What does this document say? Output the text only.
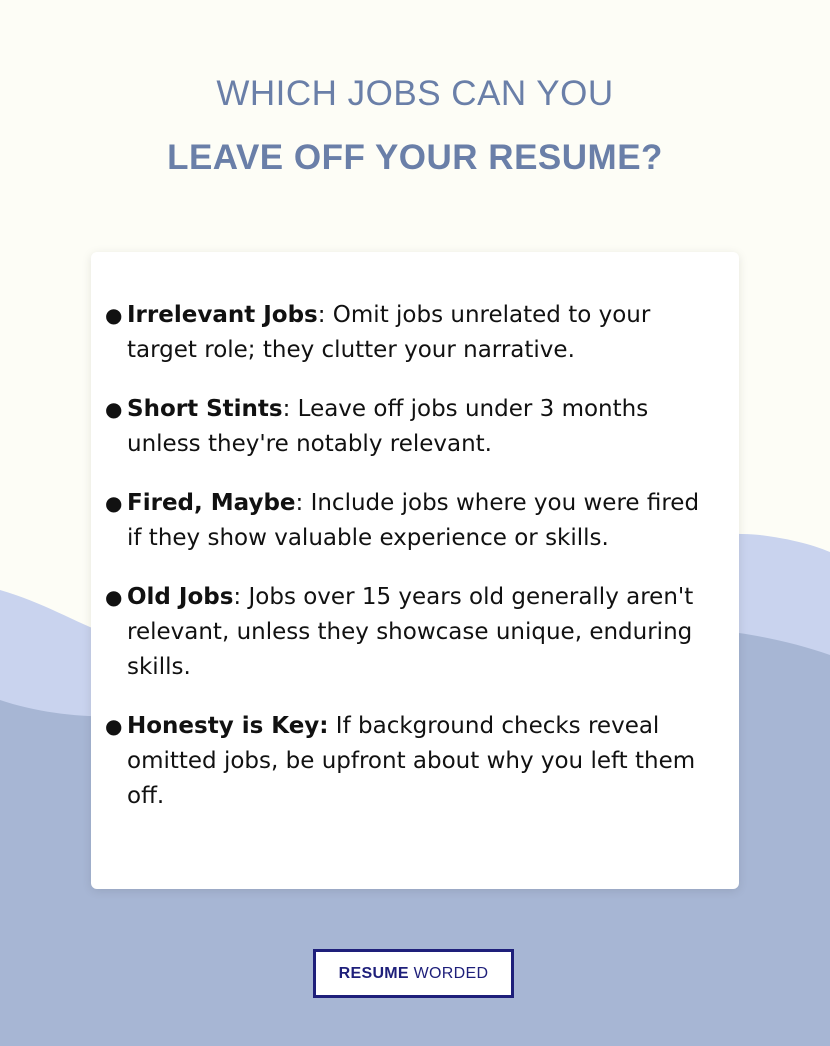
WHICH JOBS CAN YOU
LEAVE OFF YOUR RESUME?
● Irrelevant Jobs: Omit jobs unrelated to your target role; they clutter your narrative.
● Short Stints: Leave off jobs under 3 months unless they're notably relevant.
● Fired, Maybe: Include jobs where you were fired if they show valuable experience or skills.
● Old Jobs: Jobs over 15 years old generally aren't relevant, unless they showcase unique, enduring skills.
● Honesty is Key: If background checks reveal omitted jobs, be upfront about why you left them off.
RESUME WORDED
